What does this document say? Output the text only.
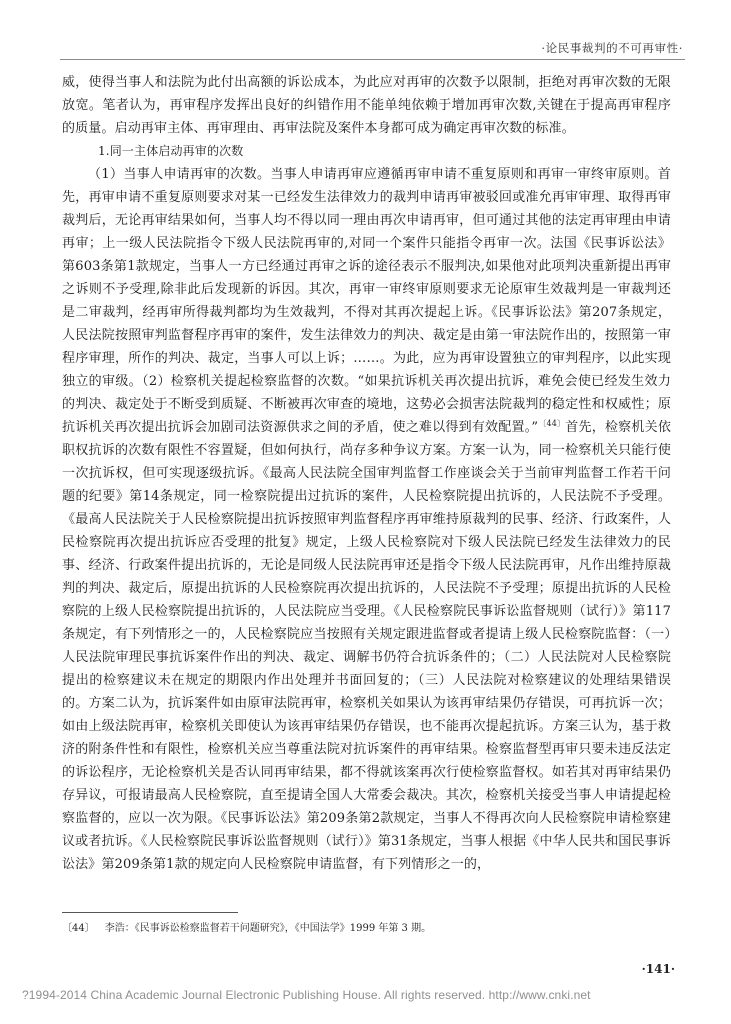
·论民事裁判的不可再审性·

威，使得当事人和法院为此付出高额的诉讼成本，为此应对再审的次数予以限制，拒绝对再审次数的无限放宽。笔者认为，再审程序发挥出良好的纠错作用不能单纯依赖于增加再审次数,关键在于提高再审程序的质量。启动再审主体、再审理由、再审法院及案件本身都可成为确定再审次数的标准。

1.同一主体启动再审的次数

（1）当事人申请再审的次数。当事人申请再审应遵循再审申请不重复原则和再审一审终审原则。首先，再审申请不重复原则要求对某一已经发生法律效力的裁判申请再审被驳回或准允再审审理、取得再审裁判后，无论再审结果如何，当事人均不得以同一理由再次申请再审，但可通过其他的法定再审理由申请再审；上一级人民法院指令下级人民法院再审的,对同一个案件只能指令再审一次。法国《民事诉讼法》第603条第1款规定，当事人一方已经通过再审之诉的途径表示不服判决,如果他对此项判决重新提出再审之诉则不予受理,除非此后发现新的诉因。其次，再审一审终审原则要求无论原审生效裁判是一审裁判还是二审裁判，经再审所得裁判都均为生效裁判，不得对其再次提起上诉。《民事诉讼法》第207条规定，人民法院按照审判监督程序再审的案件，发生法律效力的判决、裁定是由第一审法院作出的，按照第一审程序审理，所作的判决、裁定，当事人可以上诉；……。为此，应为再审设置独立的审判程序，以此实现独立的审级。（2）检察机关提起检察监督的次数。“如果抗诉机关再次提出抗诉，难免会使已经发生效力的判决、裁定处于不断受到质疑、不断被再次审查的境地，这势必会损害法院裁判的稳定性和权威性；原抗诉机关再次提出抗诉会加剧司法资源供求之间的矛盾，使之难以得到有效配置。”$^{〔44〕}$首先，检察机关依职权抗诉的次数有限性不容置疑，但如何执行，尚存多种争议方案。方案一认为，同一检察机关只能行使一次抗诉权，但可实现逐级抗诉。《最高人民法院全国审判监督工作座谈会关于当前审判监督工作若干问题的纪要》第14条规定，同一检察院提出过抗诉的案件，人民检察院提出抗诉的，人民法院不予受理。《最高人民法院关于人民检察院提出抗诉按照审判监督程序再审维持原裁判的民事、经济、行政案件，人民检察院再次提出抗诉应否受理的批复》规定，上级人民检察院对下级人民法院已经发生法律效力的民事、经济、行政案件提出抗诉的，无论是同级人民法院再审还是指令下级人民法院再审，凡作出维持原裁判的判决、裁定后，原提出抗诉的人民检察院再次提出抗诉的，人民法院不予受理；原提出抗诉的人民检察院的上级人民检察院提出抗诉的，人民法院应当受理。《人民检察院民事诉讼监督规则（试行）》第117条规定，有下列情形之一的，人民检察院应当按照有关规定跟进监督或者提请上级人民检察院监督：（一）人民法院审理民事抗诉案件作出的判决、裁定、调解书仍符合抗诉条件的；（二）人民法院对人民检察院提出的检察建议未在规定的期限内作出处理并书面回复的；（三）人民法院对检察建议的处理结果错误的。方案二认为，抗诉案件如由原审法院再审，检察机关如果认为该再审结果仍存错误，可再抗诉一次；如由上级法院再审，检察机关即使认为该再审结果仍存错误，也不能再次提起抗诉。方案三认为，基于救济的附条件性和有限性，检察机关应当尊重法院对抗诉案件的再审结果。检察监督型再审只要未违反法定的诉讼程序，无论检察机关是否认同再审结果，都不得就该案再次行使检察监督权。如若其对再审结果仍存异议，可报请最高人民检察院，直至提请全国人大常委会裁决。其次，检察机关接受当事人申请提起检察监督的，应以一次为限。《民事诉讼法》第209条第2款规定，当事人不得再次向人民检察院申请检察建议或者抗诉。《人民检察院民事诉讼监督规则（试行）》第31条规定，当事人根据《中华人民共和国民事诉讼法》第209条第1款的规定向人民检察院申请监督，有下列情形之一的，

〔44〕 李浩：《民事诉讼检察监督若干问题研究》，《中国法学》1999 年第 3 期。
·141·
?1994-2014 China Academic Journal Electronic Publishing House. All rights reserved. http://www.cnki.net
